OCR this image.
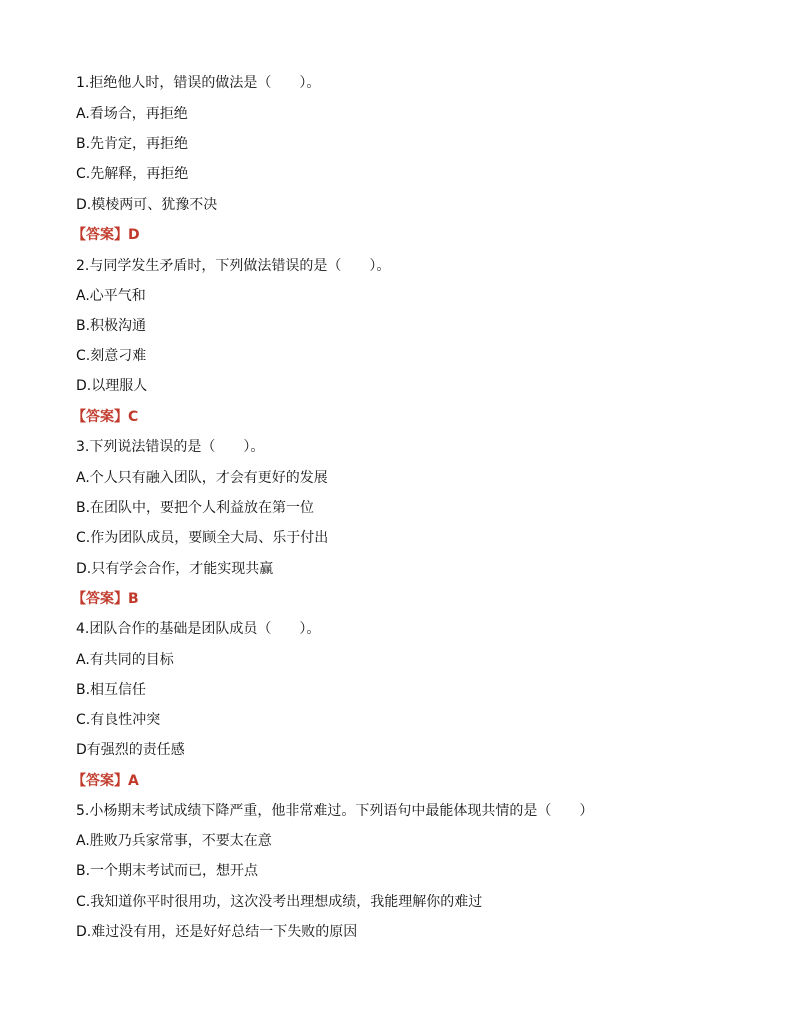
1.拒绝他人时，错误的做法是（　　）。
A.看场合，再拒绝
B.先肯定，再拒绝
C.先解释，再拒绝
D.模棱两可、犹豫不决
【答案】D
2.与同学发生矛盾时，下列做法错误的是（　　）。
A.心平气和
B.积极沟通
C.刻意刁难
D.以理服人
【答案】C
3.下列说法错误的是（　　）。
A.个人只有融入团队，才会有更好的发展
B.在团队中，要把个人利益放在第一位
C.作为团队成员，要顾全大局、乐于付出
D.只有学会合作，才能实现共赢
【答案】B
4.团队合作的基础是团队成员（　　）。
A.有共同的目标
B.相互信任
C.有良性冲突
D有强烈的责任感
【答案】A
5.小杨期末考试成绩下降严重，他非常难过。下列语句中最能体现共情的是（　　）
A.胜败乃兵家常事，不要太在意
B.一个期末考试而已，想开点
C.我知道你平时很用功，这次没考出理想成绩，我能理解你的难过
D.难过没有用，还是好好总结一下失败的原因
